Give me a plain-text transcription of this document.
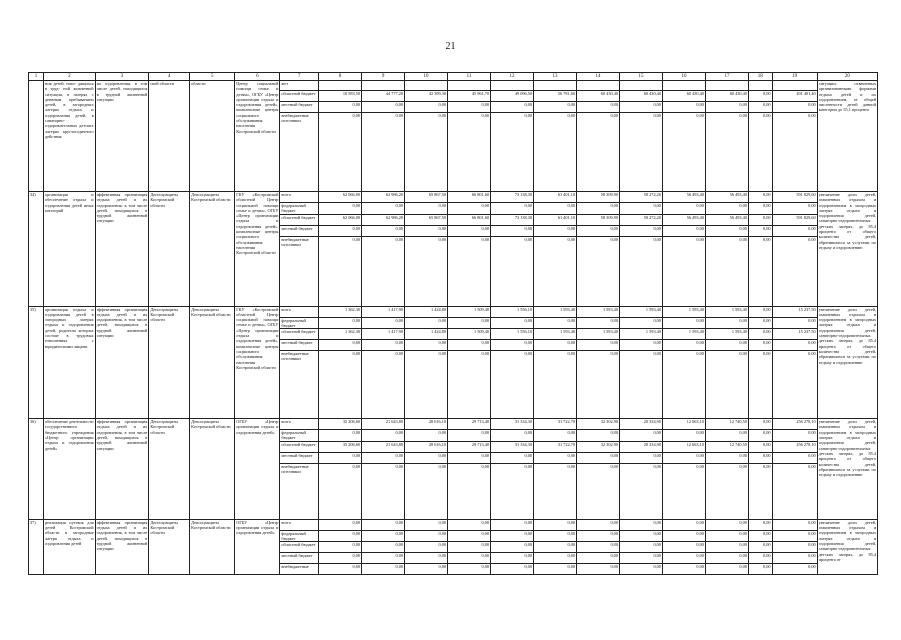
21
1	2	3	4	5	6	7	8	9	10	11	12	13	14	15	16	17	18	19	20
	ния детей, нахо- дящихся в труд- ной жизненной ситуации, в лагерях с дневным пребыванием детей, в загородных лагерях отдыха и оздоровления детей, в санаторно-оздоровительных детских лагерях круглогодичного действия	их оздоровления, в том числе детей, находящихся в трудной жизненной ситуации	ской области	области	Центр социальной помощи семье и детям», ОГБУ «Центр организации отдыха и оздоровления детей», комплексные центры социального обслуживания населения Костромской области	жет													ситуации, охваченных организованными формами отдыха детей и их оздоровлением, от общей численности детей данной категории до 55,1 процента
						областной бюджет	10 583,50	44 777,20	42 399,30	45 961,70	49 096,50	56 781,60	60 430,40	60 430,40	60 430,40	60 430,40	0,00	491 401,40	
						местный бюджет	0,00	0,00	0,00	0,00	0,00	0,00	0,00	0,00	0,00	0,00	0,00	0,00	
						внебюджетные источники	0,00	0,00	0,00	0,00	0,00	0,00	0,00	0,00	0,00	0,00	0,00	0,00	
34)	организация и обеспечение отдыха и оздоровления детей иных категорий	эффективная организация отдыха детей и их оздоровления, в том числе детей, находящихся в трудной жизненной ситуации	Депсоцзащиты Костромской области	Депсоцзащиты Костромской области	ГКУ «Костромской областной Центр социальной помощи семье и детям», ОГБУ «Центр организации отдыха и оздоровления детей», комплексные центры социального обслуживания населения Костромской области	всего	62 066,00	62 986,20	65 867,50	66 801,60	73 138,30	61 401,10	58 309,90	58 272,20	56 493,40	56 493,40	0,00	591 829,60	увеличение доли детей, охваченных отдыхом и оздоровлением в загородных лагерях отдыха и оздоровления детей, санаторно-оздоровительных детских лагерях, до 85,4 процента от общего количества детей, обратившихся за услугами по отдыху и оздоровлению
						федеральный бюджет	0,00	0,00	0,00	0,00	0,00	0,00	0,00	0,00	0,00	0,00	0,00	0,00	
						областной бюджет	62 066,00	62 986,20	65 867,50	66 801,60	73 138,30	61 401,10	58 309,90	58 272,20	56 493,40	56 493,40	0,00	591 829,60	
						местный бюджет	0,00	0,00	0,00	0,00	0,00	0,00	0,00	0,00	0,00	0,00	0,00	0,00	
						внебюджетные источники	0,00	0,00	0,00	0,00	0,00	0,00	0,00	0,00	0,00	0,00	0,00	0,00	
35)	организация отдыха и оздоровления детей в загородных лагерях отдыха и оздоровления детей, родители которых состоят в трудовых отношениях с юридическими лицами	эффективная организация отдыха детей и их оздоровления, в том числе детей, находящихся в трудной жизненной ситуации	Депсоцзащиты Костромской области	Депсоцзащиты Костромской области	ГКУ «Костромской областной Центр социальной помощи семье и детям», ОГБУ «Центр организации отдыха и оздоровления детей», комплексные центры социального обслуживания населения Костромской области	всего	1 362,30	1 417,90	1 424,80	1 509,40	1 556,10	1 593,40	1 593,40	1 593,40	1 593,40	1 593,40	0,00	15 237,50	увеличение доли детей, охваченных отдыхом и оздоровлением в загородных лагерях отдыха и оздоровления детей, санаторно-оздоровительных детских лагерях, до 85,4 процента от общего количества детей, обратившихся за услугами по отдыху и оздоровлению
						федеральный бюджет	0,00	0,00	0,00	0,00	0,00	0,00	0,00	0,00	0,00	0,00	0,00	0,00	
						областной бюджет	1 362,30	1 417,90	1 424,80	1 509,40	1 556,10	1 593,40	1 593,40	1 593,40	1 593,40	1 593,40	0,00	15 237,50	
						местный бюджет	0,00	0,00	0,00	0,00	0,00	0,00	0,00	0,00	0,00	0,00	0,00	0,00	
						внебюджетные источники	0,00	0,00	0,00	0,00	0,00	0,00	0,00	0,00	0,00	0,00	0,00	0,00	
36)	обеспечение деятельности государственного бюджетного учреждения «Центр организации отдыха и оздоровления детей»	эффективная организация отдыха детей и их оздоровления, в том числе детей, находящихся в трудной жизненной ситуации	Депсоцзащиты Костромской области	Депсоцзащиты Костромской области	ОГБУ «Центр организации отдыха и оздоровления детей»	всего	35 206,60	21 643,80	28 616,10	29 713,40	31 334,30	31 722,70	32 302,90	20 334,90	12 663,10	12 740,50	0,00	256 278,10	увеличение доли детей, охваченных отдыхом и оздоровлением в загородных лагерях отдыха и оздоровления детей, санаторно-оздоровительных детских лагерях, до 85,4 процента от общего количества детей, обратившихся за услугами по отдыху и оздоровлению
						федеральный бюджет	0,00	0,00	0,00	0,00	0,00	0,00	0,00	0,00	0,00	0,00	0,00	0,00	
						областной бюджет	35 206,60	21 643,80	28 616,10	29 713,40	31 334,30	31 722,70	32 302,90	20 334,90	12 663,10	12 740,50	0,00	256 278,10	
						местный бюджет	0,00	0,00	0,00	0,00	0,00	0,00	0,00	0,00	0,00	0,00	0,00	0,00	
						внебюджетные источники	0,00	0,00	0,00	0,00	0,00	0,00	0,00	0,00	0,00	0,00	0,00	0,00	
37)	реализация путевок для детей Костромской области в загородные лагеря отдыха и оздоровления детей	эффективная организация отдыха детей и их оздоровления, в том числе детей, находящихся в трудной жизненной ситуации	Депсоцзащиты Костромской области	Депсоцзащиты Костромской области	ОГБУ «Центр организации отдыха и оздоровления детей»	всего	0,00	0,00	0,00	0,00	0,00	0,00	0,00	0,00	0,00	0,00	0,00	0,00	увеличение доли детей, охваченных отдыхом и оздоровлением в загородных лагерях отдыха и оздоровления детей, санаторно-оздоровительных детских лагерях, до 85,4 процента от
						федеральный бюджет	0,00	0,00	0,00	0,00	0,00	0,00	0,00	0,00	0,00	0,00	0,00	0,00	
						областной бюджет	0,00	0,00	0,00	0,00	0,00	0,00	0,00	0,00	0,00	0,00	0,00	0,00	
						местный бюджет	0,00	0,00	0,00	0,00	0,00	0,00	0,00	0,00	0,00	0,00	0,00	0,00	
						внебюджетные	0,00	0,00	0,00	0,00	0,00	0,00	0,00	0,00	0,00	0,00	0,00	0,00	
